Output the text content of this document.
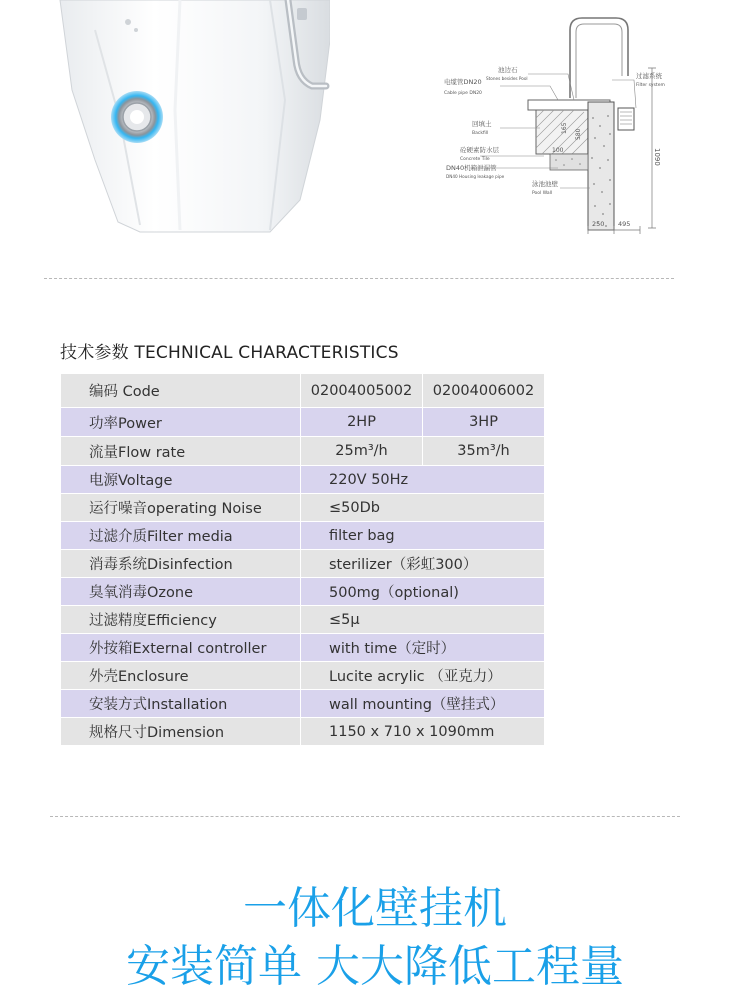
1090
250 495
165
100
580
电缆管DN20
Cable pipe DN20
池边石
Stones besides Pool
回填土
Backfill
砼硬素防水层
Concrete Tile
DN40机箱泄漏管
DN40 Housing leakage pipe
过滤系统
Filter system
泳池池壁
Pool Wall
技术参数 TECHNICAL CHARACTERISTICS
编码 Code	02004005002	02004006002
功率Power	2HP	3HP
流量Flow rate	25m³/h	35m³/h
电源Voltage	220V 50Hz	
运行噪音operating Noise	≤50Db	
过滤介质Filter media	filter bag	
消毒系统Disinfection	sterilizer（彩虹300）	
臭氧消毒Ozone	500mg（optional)	
过滤精度Efficiency	≤5μ	
外按箱External controller	with time（定时）	
外壳Enclosure	Lucite acrylic （亚克力）	
安装方式Installation	wall mounting（壁挂式）	
规格尺寸Dimension	1150 x 710 x 1090mm	
一体化壁挂机
安装简单 大大降低工程量
